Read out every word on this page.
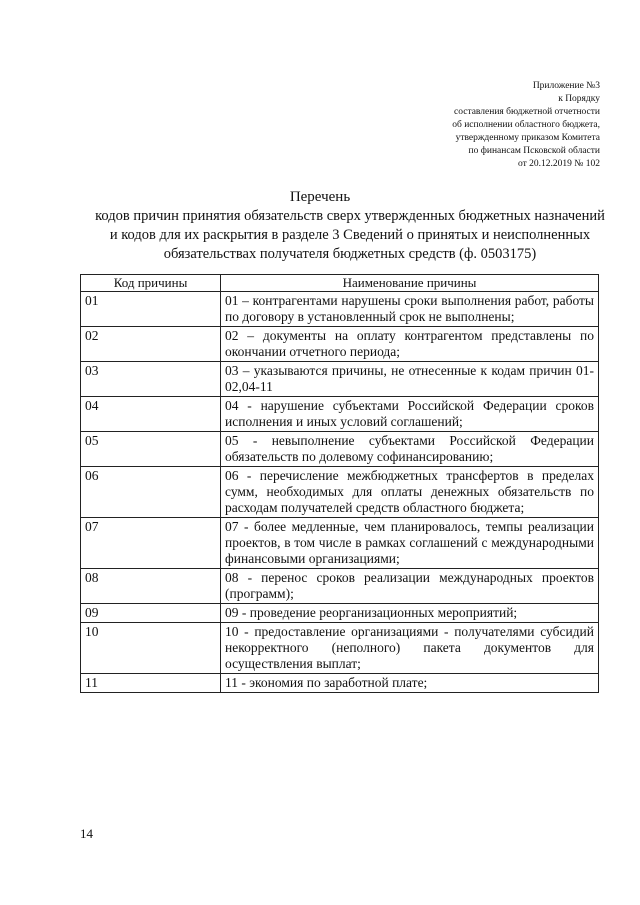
Приложение №3
к Порядку
составления бюджетной отчетности
об исполнении областного бюджета,
утвержденному приказом Комитета
по финансам Псковской области
от 20.12.2019 № 102
Перечень
кодов причин принятия обязательств сверх утвержденных бюджетных назначений и кодов для их раскрытия в разделе 3 Сведений о принятых и неисполненных обязательствах получателя бюджетных средств (ф. 0503175)
Код причины	Наименование причины
01	01 – контрагентами нарушены сроки выполнения работ, работы по договору в установленный срок не выполнены;
02	02 – документы на оплату контрагентом представлены по окончании отчетного периода;
03	03 – указываются причины, не отнесенные к кодам причин 01-02,04-11
04	04 - нарушение субъектами Российской Федерации сроков исполнения и иных условий соглашений;
05	05 - невыполнение субъектами Российской Федерации обязательств по долевому софинансированию;
06	06 - перечисление межбюджетных трансфертов в пределах сумм, необходимых для оплаты денежных обязательств по расходам получателей средств областного бюджета;
07	07 - более медленные, чем планировалось, темпы реализации проектов, в том числе в рамках соглашений с международными финансовыми организациями;
08	08 - перенос сроков реализации международных проектов (программ);
09	09 - проведение реорганизационных мероприятий;
10	10 - предоставление организациями - получателями субсидий некорректного (неполного) пакета документов для осуществления выплат;
11	11 - экономия по заработной плате;
14
